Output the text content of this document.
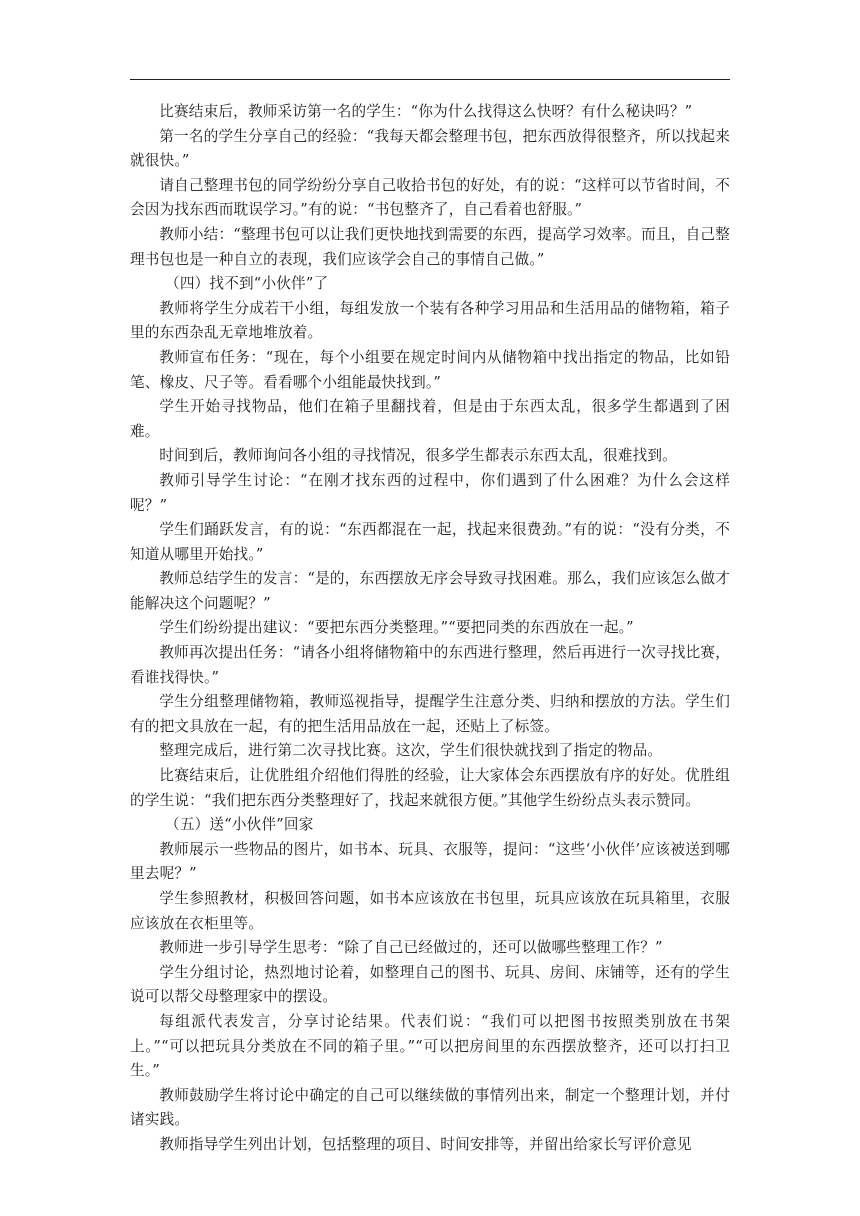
比赛结束后，教师采访第一名的学生：“你为什么找得这么快呀？有什么秘诀吗？”

第一名的学生分享自己的经验：“我每天都会整理书包，把东西放得很整齐，所以找起来就很快。”

请自己整理书包的同学纷纷分享自己收拾书包的好处，有的说：“这样可以节省时间，不会因为找东西而耽误学习。”有的说：“书包整齐了，自己看着也舒服。”

教师小结：“整理书包可以让我们更快地找到需要的东西，提高学习效率。而且，自己整理书包也是一种自立的表现，我们应该学会自己的事情自己做。”

（四）找不到“小伙伴”了

教师将学生分成若干小组，每组发放一个装有各种学习用品和生活用品的储物箱，箱子里的东西杂乱无章地堆放着。

教师宣布任务：“现在，每个小组要在规定时间内从储物箱中找出指定的物品，比如铅笔、橡皮、尺子等。看看哪个小组能最快找到。”

学生开始寻找物品，他们在箱子里翻找着，但是由于东西太乱，很多学生都遇到了困难。

时间到后，教师询问各小组的寻找情况，很多学生都表示东西太乱，很难找到。

教师引导学生讨论：“在刚才找东西的过程中，你们遇到了什么困难？为什么会这样呢？”

学生们踊跃发言，有的说：“东西都混在一起，找起来很费劲。”有的说：“没有分类，不知道从哪里开始找。”

教师总结学生的发言：“是的，东西摆放无序会导致寻找困难。那么，我们应该怎么做才能解决这个问题呢？”

学生们纷纷提出建议：“要把东西分类整理。”“要把同类的东西放在一起。”

教师再次提出任务：“请各小组将储物箱中的东西进行整理，然后再进行一次寻找比赛，看谁找得快。”

学生分组整理储物箱，教师巡视指导，提醒学生注意分类、归纳和摆放的方法。学生们有的把文具放在一起，有的把生活用品放在一起，还贴上了标签。

整理完成后，进行第二次寻找比赛。这次，学生们很快就找到了指定的物品。

比赛结束后，让优胜组介绍他们得胜的经验，让大家体会东西摆放有序的好处。优胜组的学生说：“我们把东西分类整理好了，找起来就很方便。”其他学生纷纷点头表示赞同。

（五）送“小伙伴”回家

教师展示一些物品的图片，如书本、玩具、衣服等，提问：“这些‘小伙伴’应该被送到哪里去呢？”

学生参照教材，积极回答问题，如书本应该放在书包里，玩具应该放在玩具箱里，衣服应该放在衣柜里等。

教师进一步引导学生思考：“除了自己已经做过的，还可以做哪些整理工作？”

学生分组讨论，热烈地讨论着，如整理自己的图书、玩具、房间、床铺等，还有的学生说可以帮父母整理家中的摆设。

每组派代表发言，分享讨论结果。代表们说：“我们可以把图书按照类别放在书架上。”“可以把玩具分类放在不同的箱子里。”“可以把房间里的东西摆放整齐，还可以打扫卫生。”

教师鼓励学生将讨论中确定的自己可以继续做的事情列出来，制定一个整理计划，并付诸实践。

教师指导学生列出计划，包括整理的项目、时间安排等，并留出给家长写评价意见
